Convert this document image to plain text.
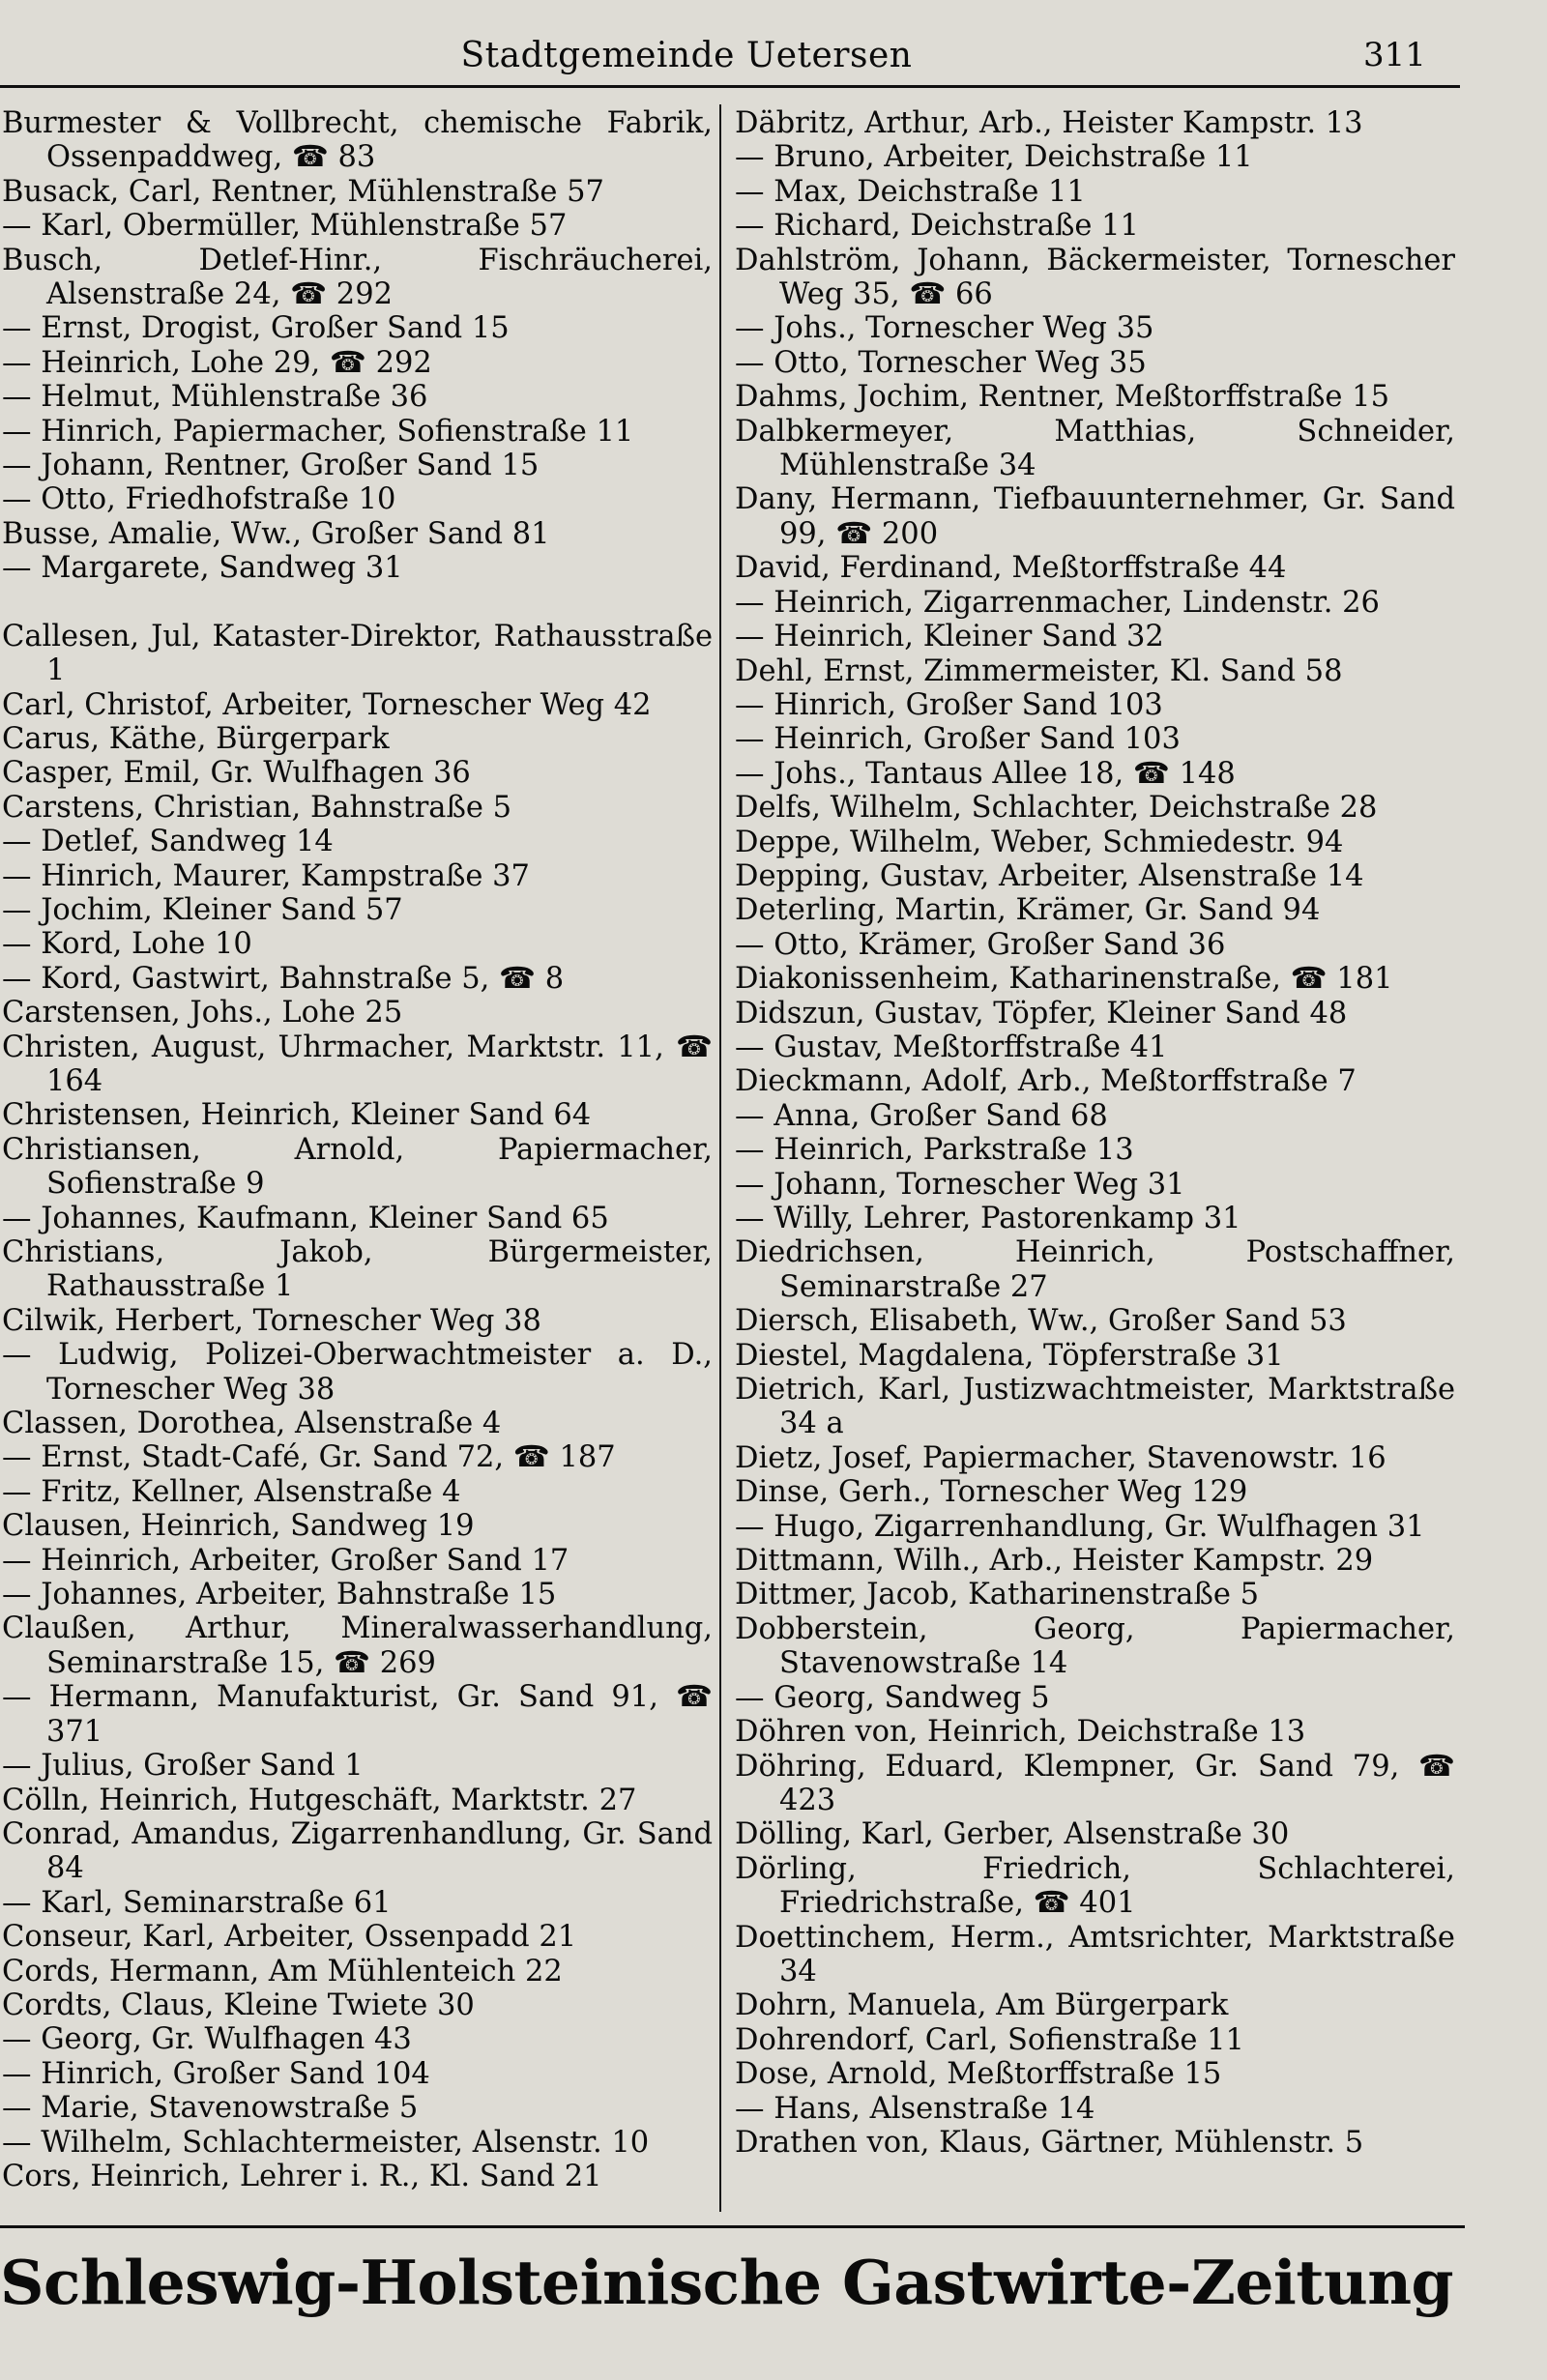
Stadtgemeinde Uetersen	311
Burmester & Vollbrecht, chemische Fabrik, Ossenpaddweg, ☎ 83
Busack, Carl, Rentner, Mühlenstraße 57
— Karl, Obermüller, Mühlenstraße 57
Busch, Detlef-Hinr., Fischräucherei, Alsenstraße 24, ☎ 292
— Ernst, Drogist, Großer Sand 15
— Heinrich, Lohe 29, ☎ 292
— Helmut, Mühlenstraße 36
— Hinrich, Papiermacher, Sofienstraße 11
— Johann, Rentner, Großer Sand 15
— Otto, Friedhofstraße 10
Busse, Amalie, Ww., Großer Sand 81
— Margarete, Sandweg 31
Callesen, Jul, Kataster-Direktor, Rathausstraße 1
Carl, Christof, Arbeiter, Tornescher Weg 42
Carus, Käthe, Bürgerpark
Casper, Emil, Gr. Wulfhagen 36
Carstens, Christian, Bahnstraße 5
— Detlef, Sandweg 14
— Hinrich, Maurer, Kampstraße 37
— Jochim, Kleiner Sand 57
— Kord, Lohe 10
— Kord, Gastwirt, Bahnstraße 5, ☎ 8
Carstensen, Johs., Lohe 25
Christen, August, Uhrmacher, Marktstr. 11, ☎ 164
Christensen, Heinrich, Kleiner Sand 64
Christiansen, Arnold, Papiermacher, Sofienstraße 9
— Johannes, Kaufmann, Kleiner Sand 65
Christians, Jakob, Bürgermeister, Rathausstraße 1
Cilwik, Herbert, Tornescher Weg 38
— Ludwig, Polizei-Oberwachtmeister a. D., Tornescher Weg 38
Classen, Dorothea, Alsenstraße 4
— Ernst, Stadt-Café, Gr. Sand 72, ☎ 187
— Fritz, Kellner, Alsenstraße 4
Clausen, Heinrich, Sandweg 19
— Heinrich, Arbeiter, Großer Sand 17
— Johannes, Arbeiter, Bahnstraße 15
Claußen, Arthur, Mineralwasserhandlung, Seminarstraße 15, ☎ 269
— Hermann, Manufakturist, Gr. Sand 91, ☎ 371
— Julius, Großer Sand 1
Cölln, Heinrich, Hutgeschäft, Marktstr. 27
Conrad, Amandus, Zigarrenhandlung, Gr. Sand 84
— Karl, Seminarstraße 61
Conseur, Karl, Arbeiter, Ossenpadd 21
Cords, Hermann, Am Mühlenteich 22
Cordts, Claus, Kleine Twiete 30
— Georg, Gr. Wulfhagen 43
— Hinrich, Großer Sand 104
— Marie, Stavenowstraße 5
— Wilhelm, Schlachtermeister, Alsenstr. 10
Cors, Heinrich, Lehrer i. R., Kl. Sand 21
Däbritz, Arthur, Arb., Heister Kampstr. 13
— Bruno, Arbeiter, Deichstraße 11
— Max, Deichstraße 11
— Richard, Deichstraße 11
Dahlström, Johann, Bäckermeister, Tornescher Weg 35, ☎ 66
— Johs., Tornescher Weg 35
— Otto, Tornescher Weg 35
Dahms, Jochim, Rentner, Meßtorffstraße 15
Dalbkermeyer, Matthias, Schneider, Mühlenstraße 34
Dany, Hermann, Tiefbauunternehmer, Gr. Sand 99, ☎ 200
David, Ferdinand, Meßtorffstraße 44
— Heinrich, Zigarrenmacher, Lindenstr. 26
— Heinrich, Kleiner Sand 32
Dehl, Ernst, Zimmermeister, Kl. Sand 58
— Hinrich, Großer Sand 103
— Heinrich, Großer Sand 103
— Johs., Tantaus Allee 18, ☎ 148
Delfs, Wilhelm, Schlachter, Deichstraße 28
Deppe, Wilhelm, Weber, Schmiedestr. 94
Depping, Gustav, Arbeiter, Alsenstraße 14
Deterling, Martin, Krämer, Gr. Sand 94
— Otto, Krämer, Großer Sand 36
Diakonissenheim, Katharinenstraße, ☎ 181
Didszun, Gustav, Töpfer, Kleiner Sand 48
— Gustav, Meßtorffstraße 41
Dieckmann, Adolf, Arb., Meßtorffstraße 7
— Anna, Großer Sand 68
— Heinrich, Parkstraße 13
— Johann, Tornescher Weg 31
— Willy, Lehrer, Pastorenkamp 31
Diedrichsen, Heinrich, Postschaffner, Seminarstraße 27
Diersch, Elisabeth, Ww., Großer Sand 53
Diestel, Magdalena, Töpferstraße 31
Dietrich, Karl, Justizwachtmeister, Marktstraße 34 a
Dietz, Josef, Papiermacher, Stavenowstr. 16
Dinse, Gerh., Tornescher Weg 129
— Hugo, Zigarrenhandlung, Gr. Wulfhagen 31
Dittmann, Wilh., Arb., Heister Kampstr. 29
Dittmer, Jacob, Katharinenstraße 5
Dobberstein, Georg, Papiermacher, Stavenowstraße 14
— Georg, Sandweg 5
Döhren von, Heinrich, Deichstraße 13
Döhring, Eduard, Klempner, Gr. Sand 79, ☎ 423
Dölling, Karl, Gerber, Alsenstraße 30
Dörling, Friedrich, Schlachterei, Friedrichstraße, ☎ 401
Doettinchem, Herm., Amtsrichter, Marktstraße 34
Dohrn, Manuela, Am Bürgerpark
Dohrendorf, Carl, Sofienstraße 11
Dose, Arnold, Meßtorffstraße 15
— Hans, Alsenstraße 14
Drathen von, Klaus, Gärtner, Mühlenstr. 5
Schleswig-Holsteinische Gastwirte-Zeitung
